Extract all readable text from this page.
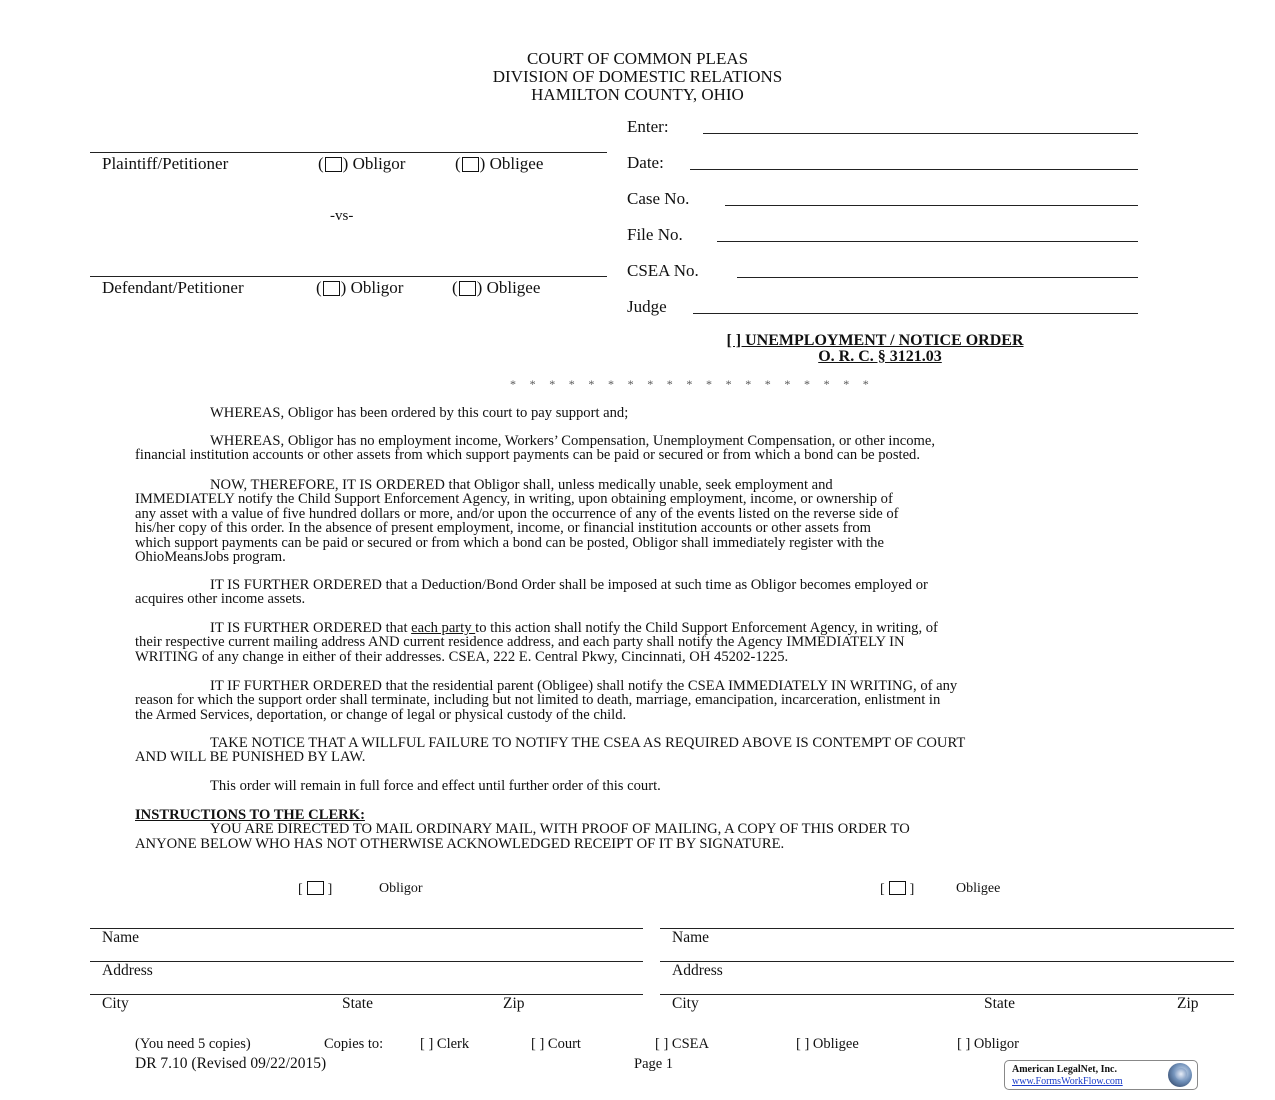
COURT OF COMMON PLEAS
DIVISION OF DOMESTIC RELATIONS
HAMILTON COUNTY, OHIO
Plaintiff/Petitioner	( ) Obligor	( ) Obligee
-vs-
Defendant/Petitioner	( ) Obligor	( ) Obligee
Enter:
Date:
Case No.
File No.
CSEA No.
Judge
[ ] UNEMPLOYMENT / NOTICE ORDER
O. R. C. § 3121.03
* * * * * * * * * * * * * * * * * * *
WHEREAS, Obligor has been ordered by this court to pay support and;
WHEREAS, Obligor has no employment income, Workers’ Compensation, Unemployment Compensation, or other income,
financial institution accounts or other assets from which support payments can be paid or secured or from which a bond can be posted.
NOW, THEREFORE, IT IS ORDERED that Obligor shall, unless medically unable, seek employment and
IMMEDIATELY notify the Child Support Enforcement Agency, in writing, upon obtaining employment, income, or ownership of
any asset with a value of five hundred dollars or more, and/or upon the occurrence of any of the events listed on the reverse side of
his/her copy of this order. In the absence of present employment, income, or financial institution accounts or other assets from
which support payments can be paid or secured or from which a bond can be posted, Obligor shall immediately register with the
OhioMeansJobs program.
IT IS FURTHER ORDERED that a Deduction/Bond Order shall be imposed at such time as Obligor becomes employed or
acquires other income assets.
IT IS FURTHER ORDERED that each party to this action shall notify the Child Support Enforcement Agency, in writing, of
their respective current mailing address AND current residence address, and each party shall notify the Agency IMMEDIATELY IN
WRITING of any change in either of their addresses. CSEA, 222 E. Central Pkwy, Cincinnati, OH 45202-1225.
IT IF FURTHER ORDERED that the residential parent (Obligee) shall notify the CSEA IMMEDIATELY IN WRITING, of any
reason for which the support order shall terminate, including but not limited to death, marriage, emancipation, incarceration, enlistment in
the Armed Services, deportation, or change of legal or physical custody of the child.
TAKE NOTICE THAT A WILLFUL FAILURE TO NOTIFY THE CSEA AS REQUIRED ABOVE IS CONTEMPT OF COURT
AND WILL BE PUNISHED BY LAW.
This order will remain in full force and effect until further order of this court.
INSTRUCTIONS TO THE CLERK:
YOU ARE DIRECTED TO MAIL ORDINARY MAIL, WITH PROOF OF MAILING, A COPY OF THIS ORDER TO
ANYONE BELOW WHO HAS NOT OTHERWISE ACKNOWLEDGED RECEIPT OF IT BY SIGNATURE.
[ ]	Obligor	[ ]	Obligee
Name
Address
City	State	Zip
Name
Address
City	State	Zip
(You need 5 copies)	Copies to:	[ ] Clerk	[ ] Court	[ ] CSEA	[ ] Obligee	[ ] Obligor
DR 7.10 (Revised 09/22/2015)	Page 1	American LegalNet, Inc.
www.FormsWorkFlow.com
